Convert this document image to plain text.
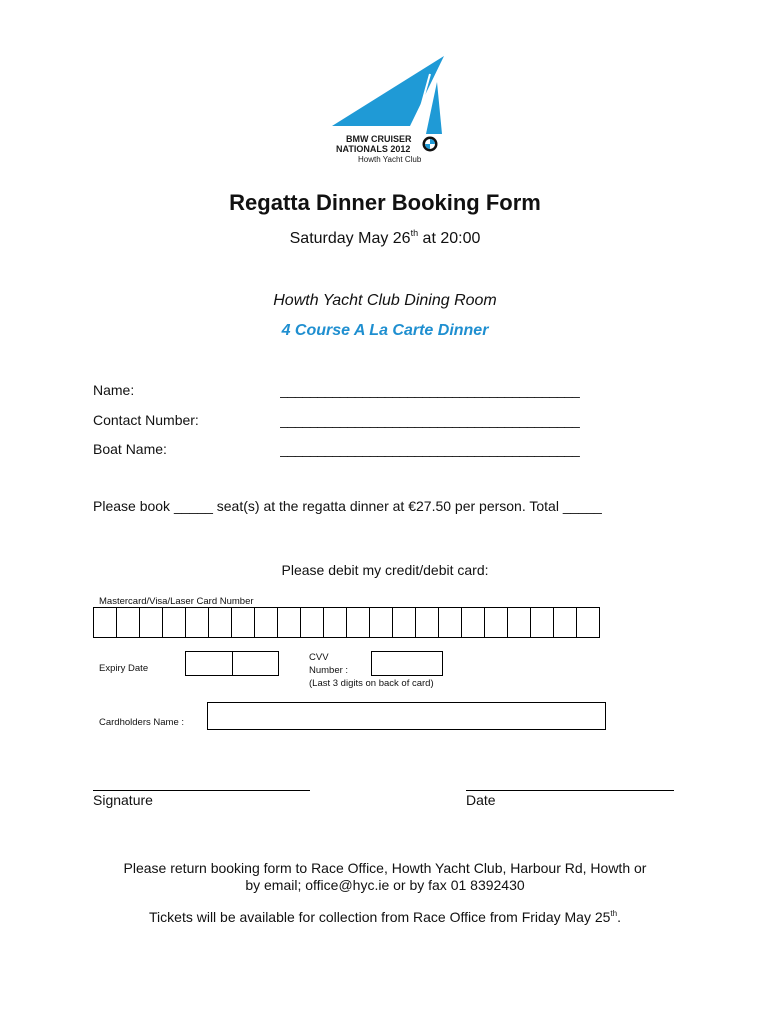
BMW CRUISER
NATIONALS 2012
Howth Yacht Club
Regatta Dinner Booking Form
Saturday May 26th at 20:00
Howth Yacht Club Dining Room
4 Course A La Carte Dinner
Name:	________________________________________
Contact Number:	________________________________________
Boat Name:	________________________________________
Please book _____ seat(s) at the regatta dinner at €27.50 per person. Total _____
Please debit my credit/debit card:
Mastercard/Visa/Laser Card Number
Expiry Date
CVV
Number :
(Last 3 digits on back of card)
Cardholders Name :
Signature	Date
Please return booking form to Race Office, Howth Yacht Club, Harbour Rd, Howth or
by email; office@hyc.ie or by fax 01 8392430
Tickets will be available for collection from Race Office from Friday May 25th.
